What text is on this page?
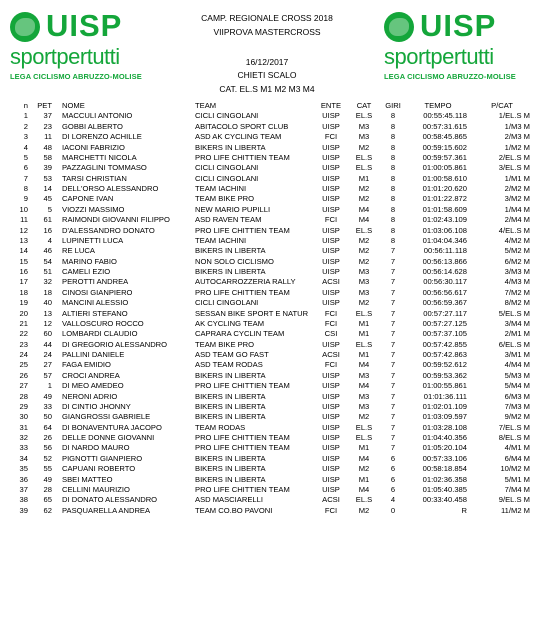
UISP
sportpertutti
LEGA CICLISMO ABRUZZO-MOLISE
UISP
sportpertutti
LEGA CICLISMO ABRUZZO-MOLISE
CAMP. REGIONALE CROSS 2018
VIIPROVA MASTERCROSS
16/12/2017
CHIETI SCALO
CAT. EL.S M1 M2 M3 M4
n PET NOME	TEAM	ENTE	CAT	GIRI	TEMPO	P/CAT
1	37 MACCULI ANTONIO	CICLI CINGOLANI	UISP	EL.S	8	00:55:45.118	1/EL.S M
2	23 GOBBI ALBERTO	ABITACOLO SPORT CLUB	UISP	M3	8	00:57:31.615	1/M3 M
3	11 DI LORENZO ACHILLE	ASD AK CYCLING TEAM	FCI	M3	8	00:58:45.865	2/M3 M
4	48 IACONI FABRIZIO	BIKERS IN LIBERTA	UISP	M2	8	00:59:15.602	1/M2 M
5	58 MARCHETTI NICOLA	PRO LIFE CHITTIEN TEAM	UISP	EL.S	8	00:59:57.361	2/EL.S M
6	39 PAZZAGLINI TOMMASO	CICLI CINGOLANI	UISP	EL.S	8	01:00:05.861	3/EL.S M
7	53 TARSI CHRISTIAN	CICLI CINGOLANI	UISP	M1	8	01:00:58.610	1/M1 M
8	14 DELL'ORSO ALESSANDRO	TEAM IACHINI	UISP	M2	8	01:01:20.620	2/M2 M
9	45 CAPONE IVAN	TEAM BIKE PRO	UISP	M2	8	01:01:22.872	3/M2 M
10	5 VIOZZI MASSIMO	NEW MARIO PUPILLI	UISP	M4	8	01:01:58.609	1/M4 M
11	61 RAIMONDI GIOVANNI FILIPPO	ASD RAVEN TEAM	FCI	M4	8	01:02:43.109	2/M4 M
12	16 D'ALESSANDRO DONATO	PRO LIFE CHITTIEN TEAM	UISP	EL.S	8	01:03:06.108	4/EL.S M
13	4 LUPINETTI LUCA	TEAM IACHINI	UISP	M2	8	01:04:04.346	4/M2 M
14	46 RE LUCA	BIKERS IN LIBERTA	UISP	M2	7	00:56:11.118	5/M2 M
15	54 MARINO FABIO	NON SOLO CICLISMO	UISP	M2	7	00:56:13.866	6/M2 M
16	51 CAMELI EZIO	BIKERS IN LIBERTA	UISP	M3	7	00:56:14.628	3/M3 M
17	32 PEROTTI ANDREA	AUTOCARROZZERIA RALLY	ACSI	M3	7	00:56:30.117	4/M3 M
18	18 CINOSI GIANPIERO	PRO LIFE CHITTIEN TEAM	UISP	M3	7	00:56:56.617	7/M2 M
19	40 MANCINI ALESSIO	CICLI CINGOLANI	UISP	M2	7	00:56:59.367	8/M2 M
20	13 ALTIERI STEFANO	SESSAN BIKE SPORT E NATUR	FCI	EL.S	7	00:57:27.117	5/EL.S M
21	12 VALLOSCURO ROCCO	AK CYCLING TEAM	FCI	M1	7	00:57:27.125	3/M4 M
22	60 LOMBARDI CLAUDIO	CAPRARA CYCLIN TEAM	CSI	M1	7	00:57:37.105	2/M1 M
23	44 DI GREGORIO ALESSANDRO	TEAM BIKE PRO	UISP	EL.S	7	00:57:42.855	6/EL.S M
24	24 PALLINI DANIELE	ASD TEAM GO FAST	ACSI	M1	7	00:57:42.863	3/M1 M
25	27 FAGA EMIDIO	ASD TEAM RODAS	FCI	M4	7	00:59:52.612	4/M4 M
26	57 CROCI ANDREA	BIKERS IN LIBERTA	UISP	M3	7	00:59:53.362	5/M3 M
27	1 DI MEO AMEDEO	PRO LIFE CHITTIEN TEAM	UISP	M4	7	01:00:55.861	5/M4 M
28	49 NERONI ADRIO	BIKERS IN LIBERTA	UISP	M3	7	01:01:36.111	6/M3 M
29	33 DI CINTIO JHONNY	BIKERS IN LIBERTA	UISP	M3	7	01:02:01.109	7/M3 M
30	50 GIANGROSSI GABRIELE	BIKERS IN LIBERTA	UISP	M2	7	01:03:09.597	9/M2 M
31	64 DI BONAVENTURA JACOPO	TEAM RODAS	UISP	EL.S	7	01:03:28.108	7/EL.S M
32	26 DELLE DONNE GIOVANNI	PRO LIFE CHITTIEN TEAM	UISP	EL.S	7	01:04:40.356	8/EL.S M
33	56 DI NARDO MAURO	PRO LIFE CHITTIEN TEAM	UISP	M1	7	01:05:20.104	4/M1 M
34	52 PIGNOTTI GIANPIERO	BIKERS IN LIBERTA	UISP	M4	6	00:57:33.106	6/M4 M
35	55 CAPUANI ROBERTO	BIKERS IN LIBERTA	UISP	M2	6	00:58:18.854	10/M2 M
36	49 SBEI MATTEO	BIKERS IN LIBERTA	UISP	M1	6	01:02:36.358	5/M1 M
37	28 CELLINI MAURIZIO	PRO LIFE CHITTIEN TEAM	UISP	M4	6	01:05:40.385	7/M4 M
38	65 DI DONATO ALESSANDRO	ASD MASCIARELLI	ACSI	EL.S	4	00:33:40.458	9/EL.S M
39	62 PASQUARELLA ANDREA	TEAM CO.BO PAVONI	FCI	M2	0	R	11/M2 M
